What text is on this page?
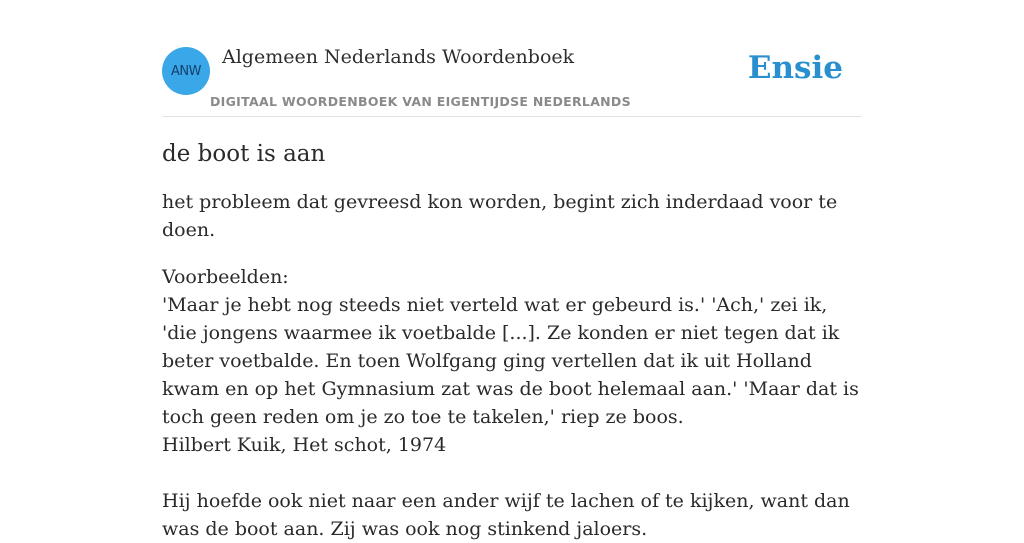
ANW
Algemeen Nederlands Woordenboek
DIGITAAL WOORDENBOEK VAN EIGENTIJDSE NEDERLANDS
Ensie
de boot is aan

het probleem dat gevreesd kon worden, begint zich inderdaad voor te doen.

Voorbeelden:
'Maar je hebt nog steeds niet verteld wat er gebeurd is.' 'Ach,' zei ik, 'die jongens waarmee ik voetbalde [...]. Ze konden er niet tegen dat ik beter voetbalde. En toen Wolfgang ging vertellen dat ik uit Holland kwam en op het Gymnasium zat was de boot helemaal aan.' 'Maar dat is toch geen reden om je zo toe te takelen,' riep ze boos.
Hilbert Kuik, Het schot, 1974
Hij hoefde ook niet naar een ander wijf te lachen of te kijken, want dan was de boot aan. Zij was ook nog stinkend jaloers.
